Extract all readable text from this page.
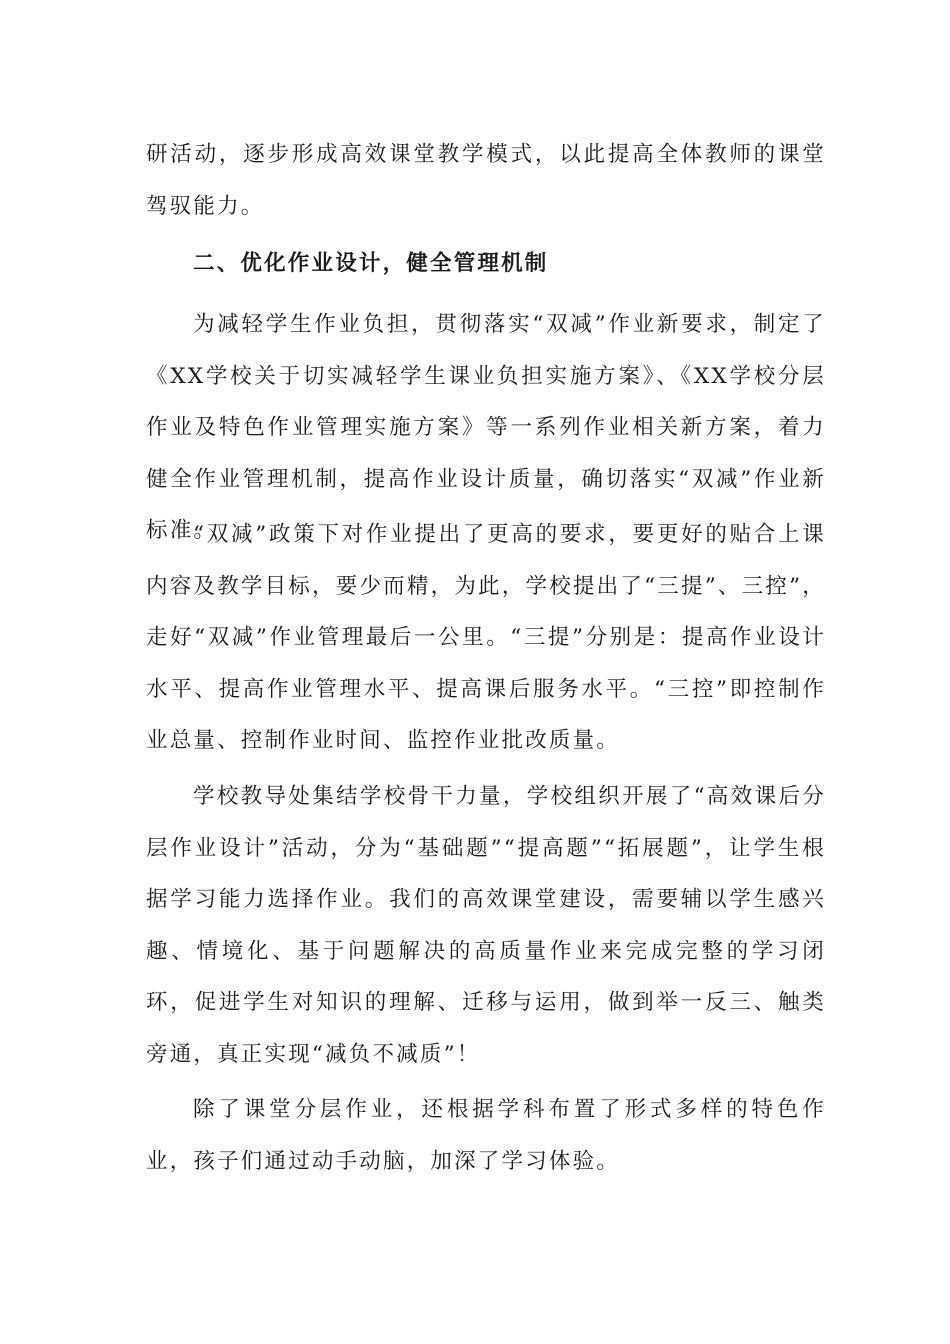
研活动，逐步形成高效课堂教学模式，以此提高全体教师的课堂驾驭能力。

二、优化作业设计，健全管理机制

为减轻学生作业负担，贯彻落实“双减”作业新要求，制定了《XX学校关于切实减轻学生课业负担实施方案》、《XX学校分层作业及特色作业管理实施方案》等一系列作业相关新方案，着力健全作业管理机制，提高作业设计质量，确切落实“双减”作业新标准。

“双减”政策下对作业提出了更高的要求，要更好的贴合上课内容及教学目标，要少而精，为此，学校提出了“三提”、三控”，走好“双减”作业管理最后一公里。“三提”分别是：提高作业设计水平、提高作业管理水平、提高课后服务水平。“三控”即控制作业总量、控制作业时间、监控作业批改质量。

学校教导处集结学校骨干力量，学校组织开展了“高效课后分层作业设计”活动，分为“基础题”“提高题”“拓展题”，让学生根据学习能力选择作业。我们的高效课堂建设，需要辅以学生感兴趣、情境化、基于问题解决的高质量作业来完成完整的学习闭环，促进学生对知识的理解、迁移与运用，做到举一反三、触类旁通，真正实现“减负不减质”！

除了课堂分层作业，还根据学科布置了形式多样的特色作业，孩子们通过动手动脑，加深了学习体验。
